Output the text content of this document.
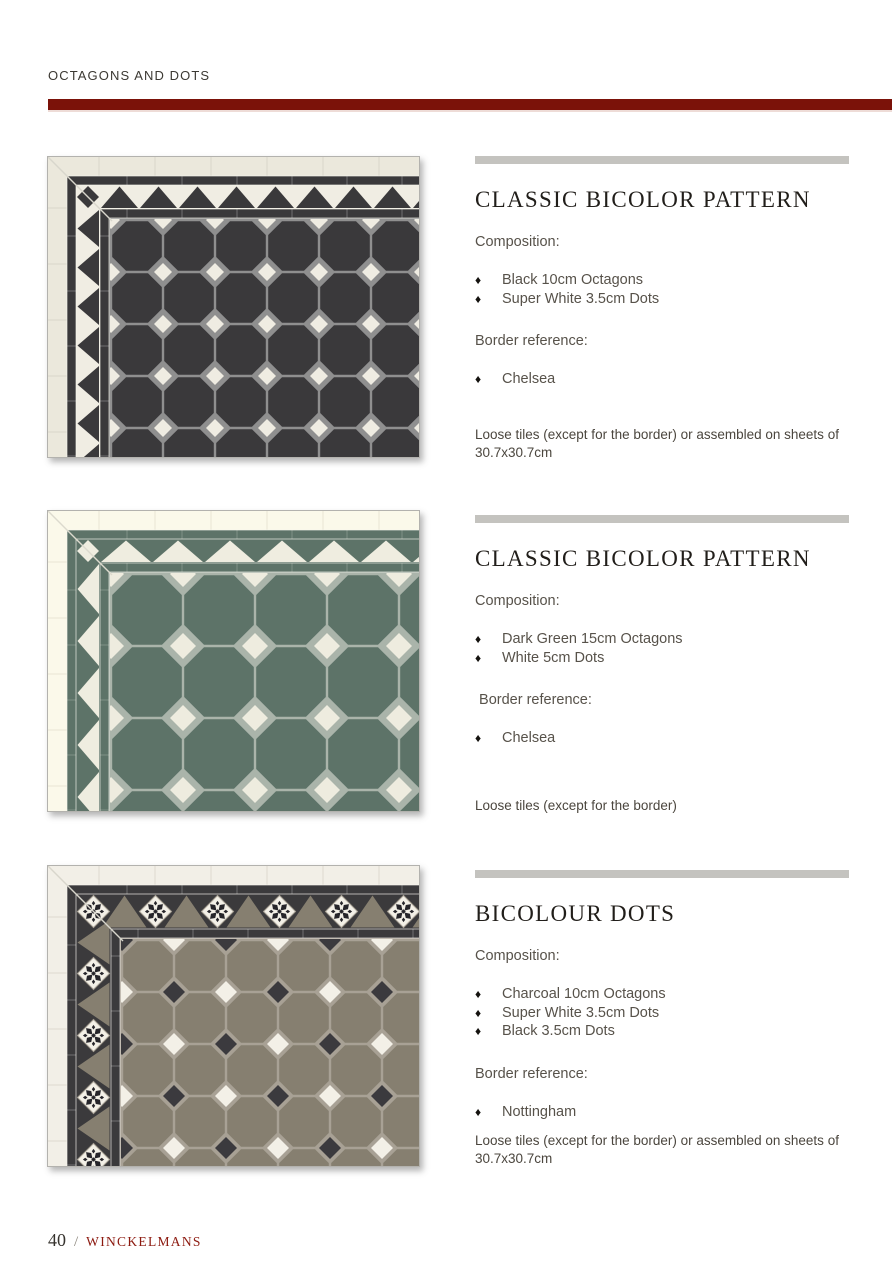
OCTAGONS AND DOTS
CLASSIC BICOLOR PATTERN
Composition:
♦	Black 10cm Octagons
♦	Super White 3.5cm Dots
Border reference:
♦	Chelsea
Loose tiles (except for the border) or assembled on sheets of 30.7x30.7cm
CLASSIC BICOLOR PATTERN
Composition:
♦	Dark Green 15cm Octagons
♦	White 5cm Dots
Border reference:
♦	Chelsea
Loose tiles (except for the border)
BICOLOUR DOTS
Composition:
♦	Charcoal 10cm Octagons
♦	Super White 3.5cm Dots
♦	Black 3.5cm Dots
Border reference:
♦	Nottingham
Loose tiles (except for the border) or assembled on sheets of 30.7x30.7cm
40 / WINCKELMANS
